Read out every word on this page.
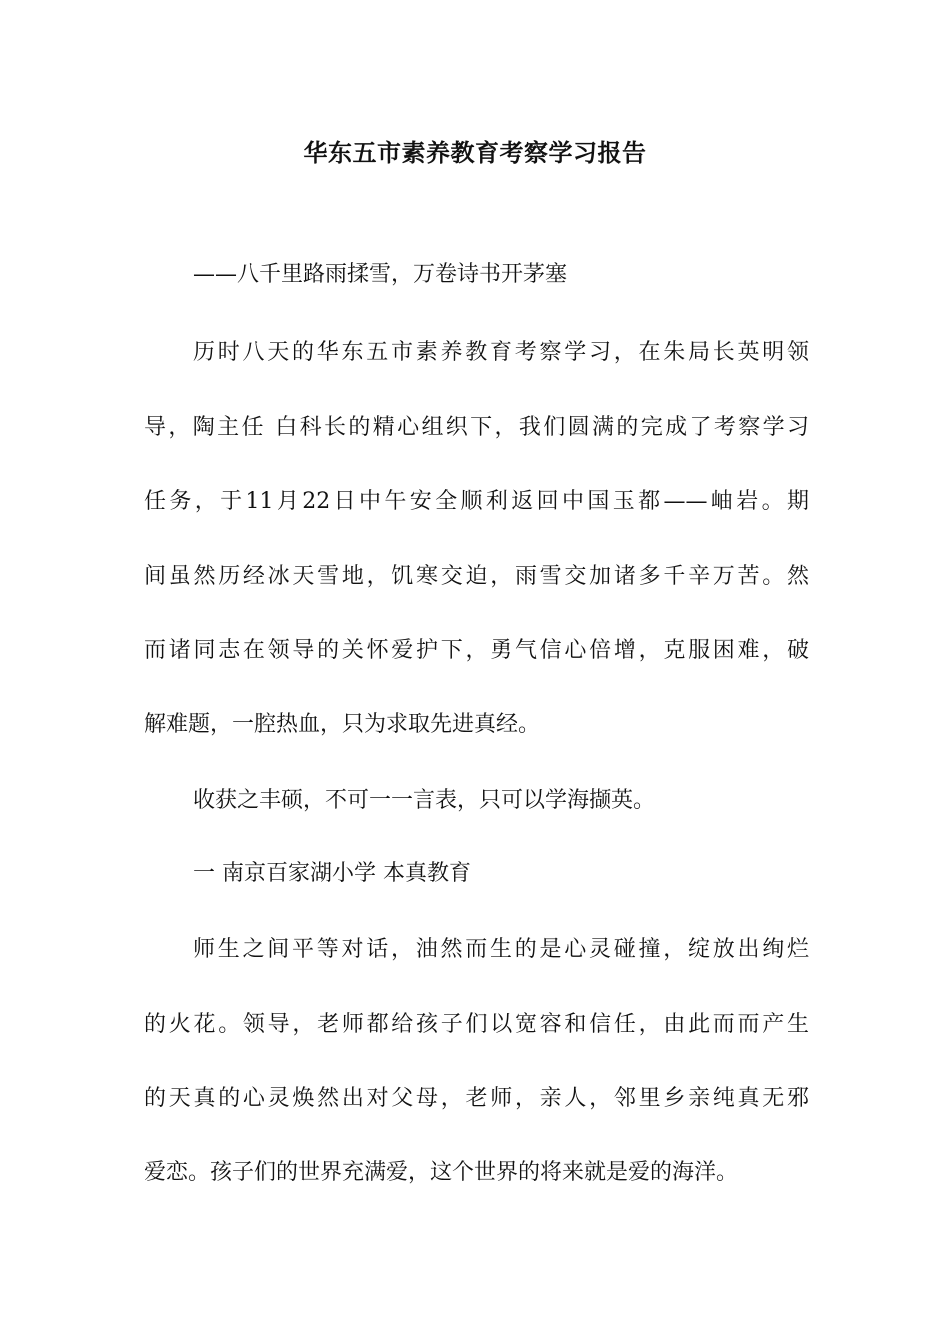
华东五市素养教育考察学习报告
——八千里路雨揉雪，万卷诗书开茅塞
历时八天的华东五市素养教育考察学习，在朱局长英明领
导，陶主任 白科长的精心组织下，我们圆满的完成了考察学习
任务，于11月22日中午安全顺利返回中国玉都——岫岩。期
间虽然历经冰天雪地，饥寒交迫，雨雪交加诸多千辛万苦。然
而诸同志在领导的关怀爱护下，勇气信心倍增，克服困难，破
解难题，一腔热血，只为求取先进真经。
收获之丰硕，不可一一言表，只可以学海撷英。
一 南京百家湖小学 本真教育
师生之间平等对话，油然而生的是心灵碰撞，绽放出绚烂
的火花。领导，老师都给孩子们以宽容和信任，由此而而产生
的天真的心灵焕然出对父母，老师，亲人，邻里乡亲纯真无邪
爱恋。孩子们的世界充满爱，这个世界的将来就是爱的海洋。
